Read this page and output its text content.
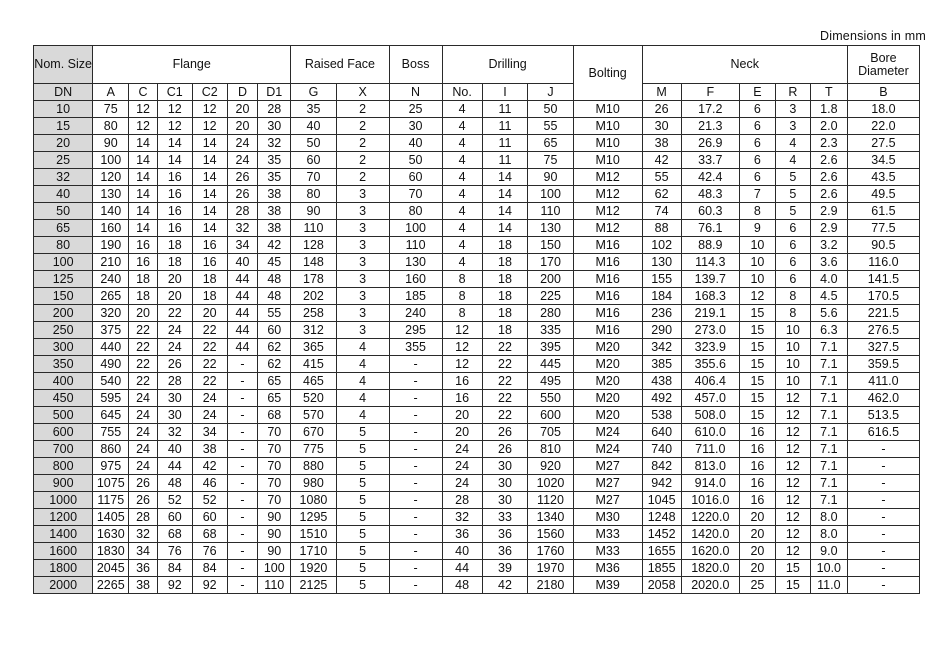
Dimensions in mm
Nom. Size	Flange						Raised Face		Boss	Drilling			Bolting	Neck					Bore Diameter
DN	A	C	C1	C2	D	D1	G	X	N	No.	I	J		M	F	E	R	T	B
10	75	12	12	12	20	28	35	2	25	4	11	50	M10	26	17.2	6	3	1.8	18.0
15	80	12	12	12	20	30	40	2	30	4	11	55	M10	30	21.3	6	3	2.0	22.0
20	90	14	14	14	24	32	50	2	40	4	11	65	M10	38	26.9	6	4	2.3	27.5
25	100	14	14	14	24	35	60	2	50	4	11	75	M10	42	33.7	6	4	2.6	34.5
32	120	14	16	14	26	35	70	2	60	4	14	90	M12	55	42.4	6	5	2.6	43.5
40	130	14	16	14	26	38	80	3	70	4	14	100	M12	62	48.3	7	5	2.6	49.5
50	140	14	16	14	28	38	90	3	80	4	14	110	M12	74	60.3	8	5	2.9	61.5
65	160	14	16	14	32	38	110	3	100	4	14	130	M12	88	76.1	9	6	2.9	77.5
80	190	16	18	16	34	42	128	3	110	4	18	150	M16	102	88.9	10	6	3.2	90.5
100	210	16	18	16	40	45	148	3	130	4	18	170	M16	130	114.3	10	6	3.6	116.0
125	240	18	20	18	44	48	178	3	160	8	18	200	M16	155	139.7	10	6	4.0	141.5
150	265	18	20	18	44	48	202	3	185	8	18	225	M16	184	168.3	12	8	4.5	170.5
200	320	20	22	20	44	55	258	3	240	8	18	280	M16	236	219.1	15	8	5.6	221.5
250	375	22	24	22	44	60	312	3	295	12	18	335	M16	290	273.0	15	10	6.3	276.5
300	440	22	24	22	44	62	365	4	355	12	22	395	M20	342	323.9	15	10	7.1	327.5
350	490	22	26	22	-	62	415	4	-	12	22	445	M20	385	355.6	15	10	7.1	359.5
400	540	22	28	22	-	65	465	4	-	16	22	495	M20	438	406.4	15	10	7.1	411.0
450	595	24	30	24	-	65	520	4	-	16	22	550	M20	492	457.0	15	12	7.1	462.0
500	645	24	30	24	-	68	570	4	-	20	22	600	M20	538	508.0	15	12	7.1	513.5
600	755	24	32	34	-	70	670	5	-	20	26	705	M24	640	610.0	16	12	7.1	616.5
700	860	24	40	38	-	70	775	5	-	24	26	810	M24	740	711.0	16	12	7.1	-
800	975	24	44	42	-	70	880	5	-	24	30	920	M27	842	813.0	16	12	7.1	-
900	1075	26	48	46	-	70	980	5	-	24	30	1020	M27	942	914.0	16	12	7.1	-
1000	1175	26	52	52	-	70	1080	5	-	28	30	1120	M27	1045	1016.0	16	12	7.1	-
1200	1405	28	60	60	-	90	1295	5	-	32	33	1340	M30	1248	1220.0	20	12	8.0	-
1400	1630	32	68	68	-	90	1510	5	-	36	36	1560	M33	1452	1420.0	20	12	8.0	-
1600	1830	34	76	76	-	90	1710	5	-	40	36	1760	M33	1655	1620.0	20	12	9.0	-
1800	2045	36	84	84	-	100	1920	5	-	44	39	1970	M36	1855	1820.0	20	15	10.0	-
2000	2265	38	92	92	-	110	2125	5	-	48	42	2180	M39	2058	2020.0	25	15	11.0	-
